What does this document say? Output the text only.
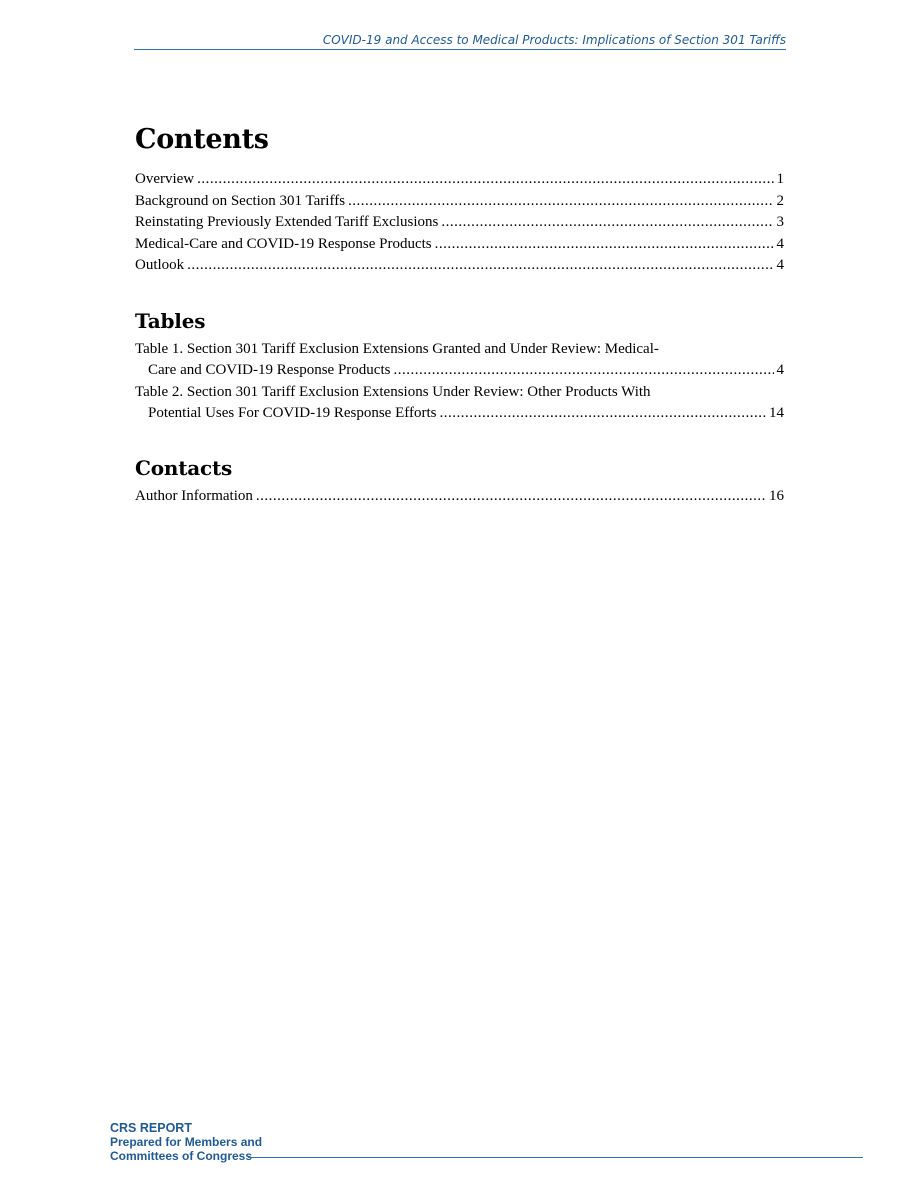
COVID-19 and Access to Medical Products: Implications of Section 301 Tariffs
Contents
Overview .....	1
Background on Section 301 Tariffs .....	2
Reinstating Previously Extended Tariff Exclusions .....	3
Medical-Care and COVID-19 Response Products .....	4
Outlook .....	4
Tables
Table 1. Section 301 Tariff Exclusion Extensions Granted and Under Review: Medical-
Care and COVID-19 Response Products .....	4
Table 2. Section 301 Tariff Exclusion Extensions Under Review: Other Products With
Potential Uses For COVID-19 Response Efforts .....	14
Contacts
Author Information .....	16
CRS REPORT
Prepared for Members and
Committees of Congress
